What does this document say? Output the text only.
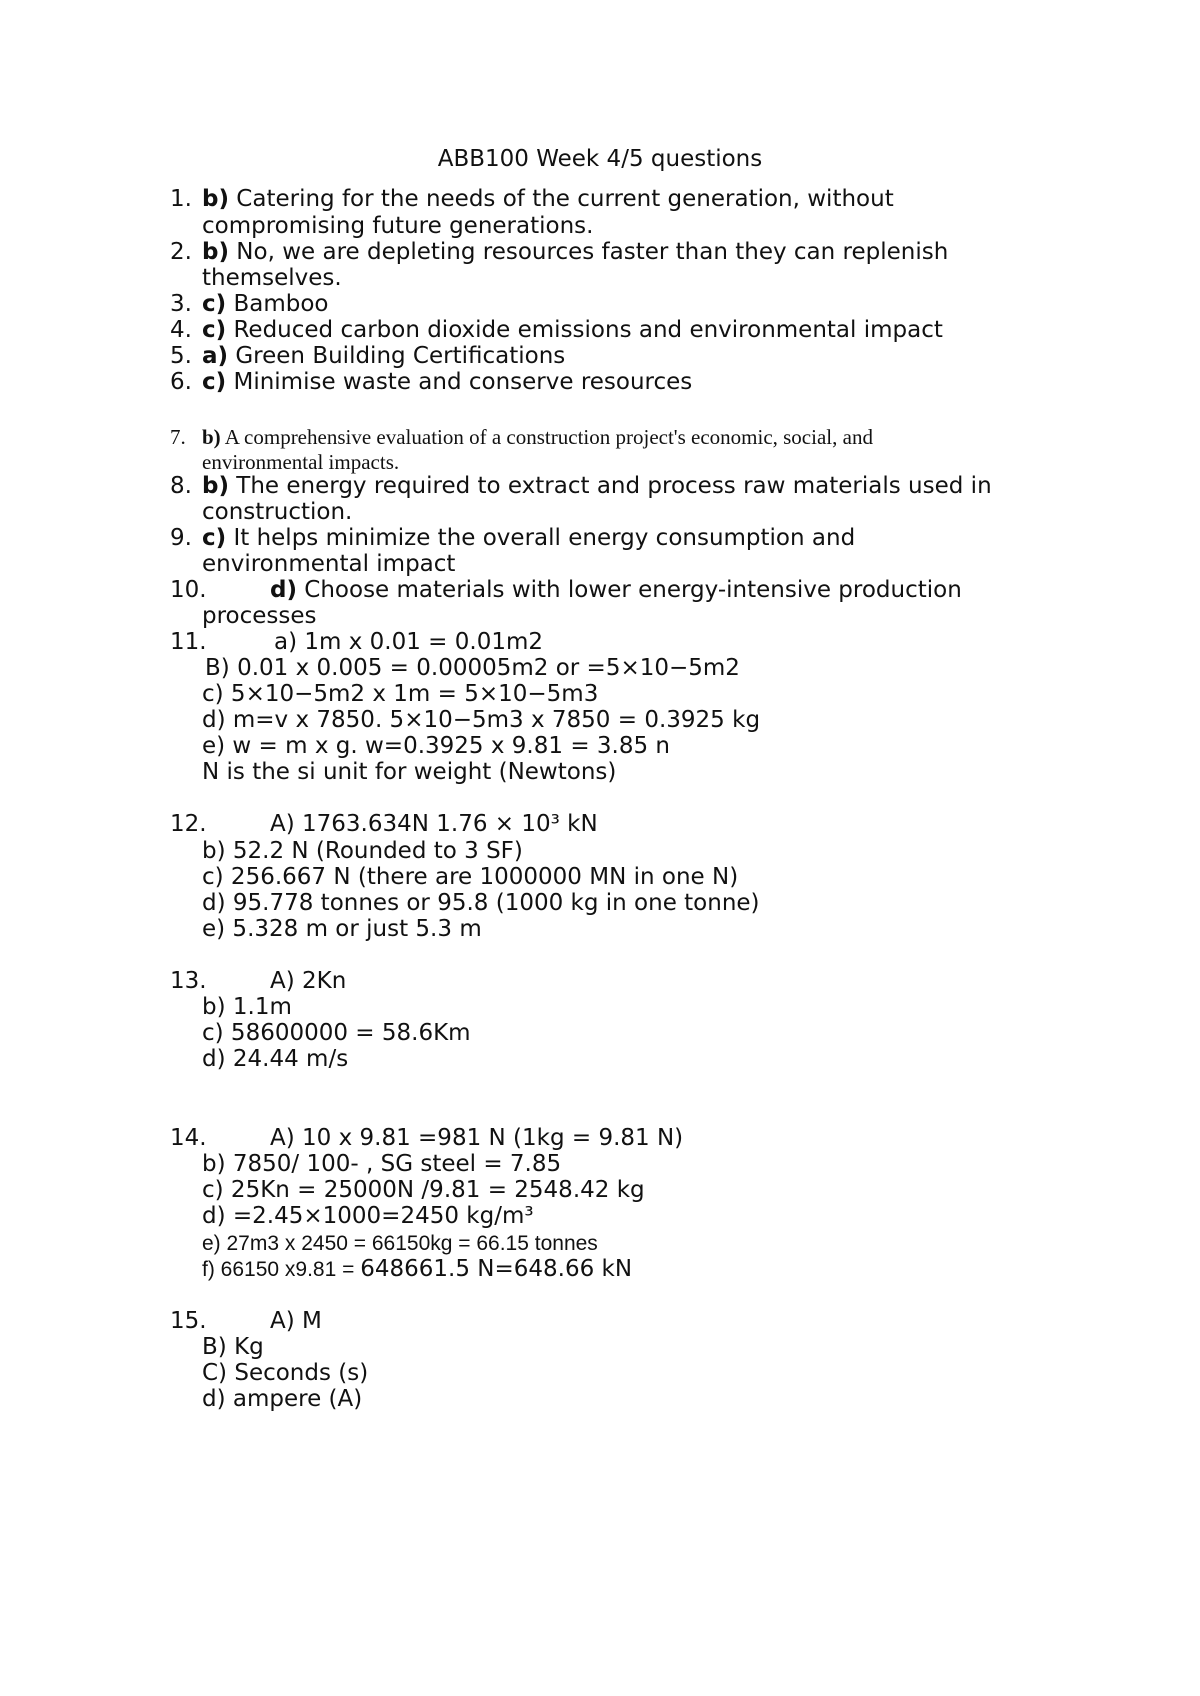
ABB100 Week 4/5 questions
1. b) Catering for the needs of the current generation, without
compromising future generations.
2. b) No, we are depleting resources faster than they can replenish
themselves.
3. c) Bamboo
4. c) Reduced carbon dioxide emissions and environmental impact
5. a) Green Building Certifications
6. c) Minimise waste and conserve resources
7. b) A comprehensive evaluation of a construction project's economic, social, and
environmental impacts.
8. b) The energy required to extract and process raw materials used in
construction.
9. c) It helps minimize the overall energy consumption and
environmental impact
10.	d) Choose materials with lower energy-intensive production
processes
11.	a) 1m x 0.01 = 0.01m2
B) 0.01 x 0.005 = 0.00005m2 or =5×10−5m2
c) 5×10−5m2 x 1m = 5×10−5m3
d) m=v x 7850. 5×10−5m3 x 7850 = 0.3925 kg
e) w = m x g. w=0.3925 x 9.81 = 3.85 n
N is the si unit for weight (Newtons)
12.	A) 1763.634N 1.76 × 10³ kN
b) 52.2 N (Rounded to 3 SF)
c) 256.667 N (there are 1000000 MN in one N)
d) 95.778 tonnes or 95.8 (1000 kg in one tonne)
e) 5.328 m or just 5.3 m
13.	A) 2Kn
b) 1.1m
c) 58600000 = 58.6Km
d) 24.44 m/s
14.	A) 10 x 9.81 =981 N (1kg = 9.81 N)
b) 7850/ 100- , SG steel = 7.85
c) 25Kn = 25000N /9.81 = 2548.42 kg
d) =2.45×1000=2450 kg/m³
e) 27m3 x 2450 = 66150kg = 66.15 tonnes
f) 66150 x9.81 = 648661.5 N=648.66 kN
15.	A) M
B) Kg
C) Seconds (s)
d) ampere (A)
